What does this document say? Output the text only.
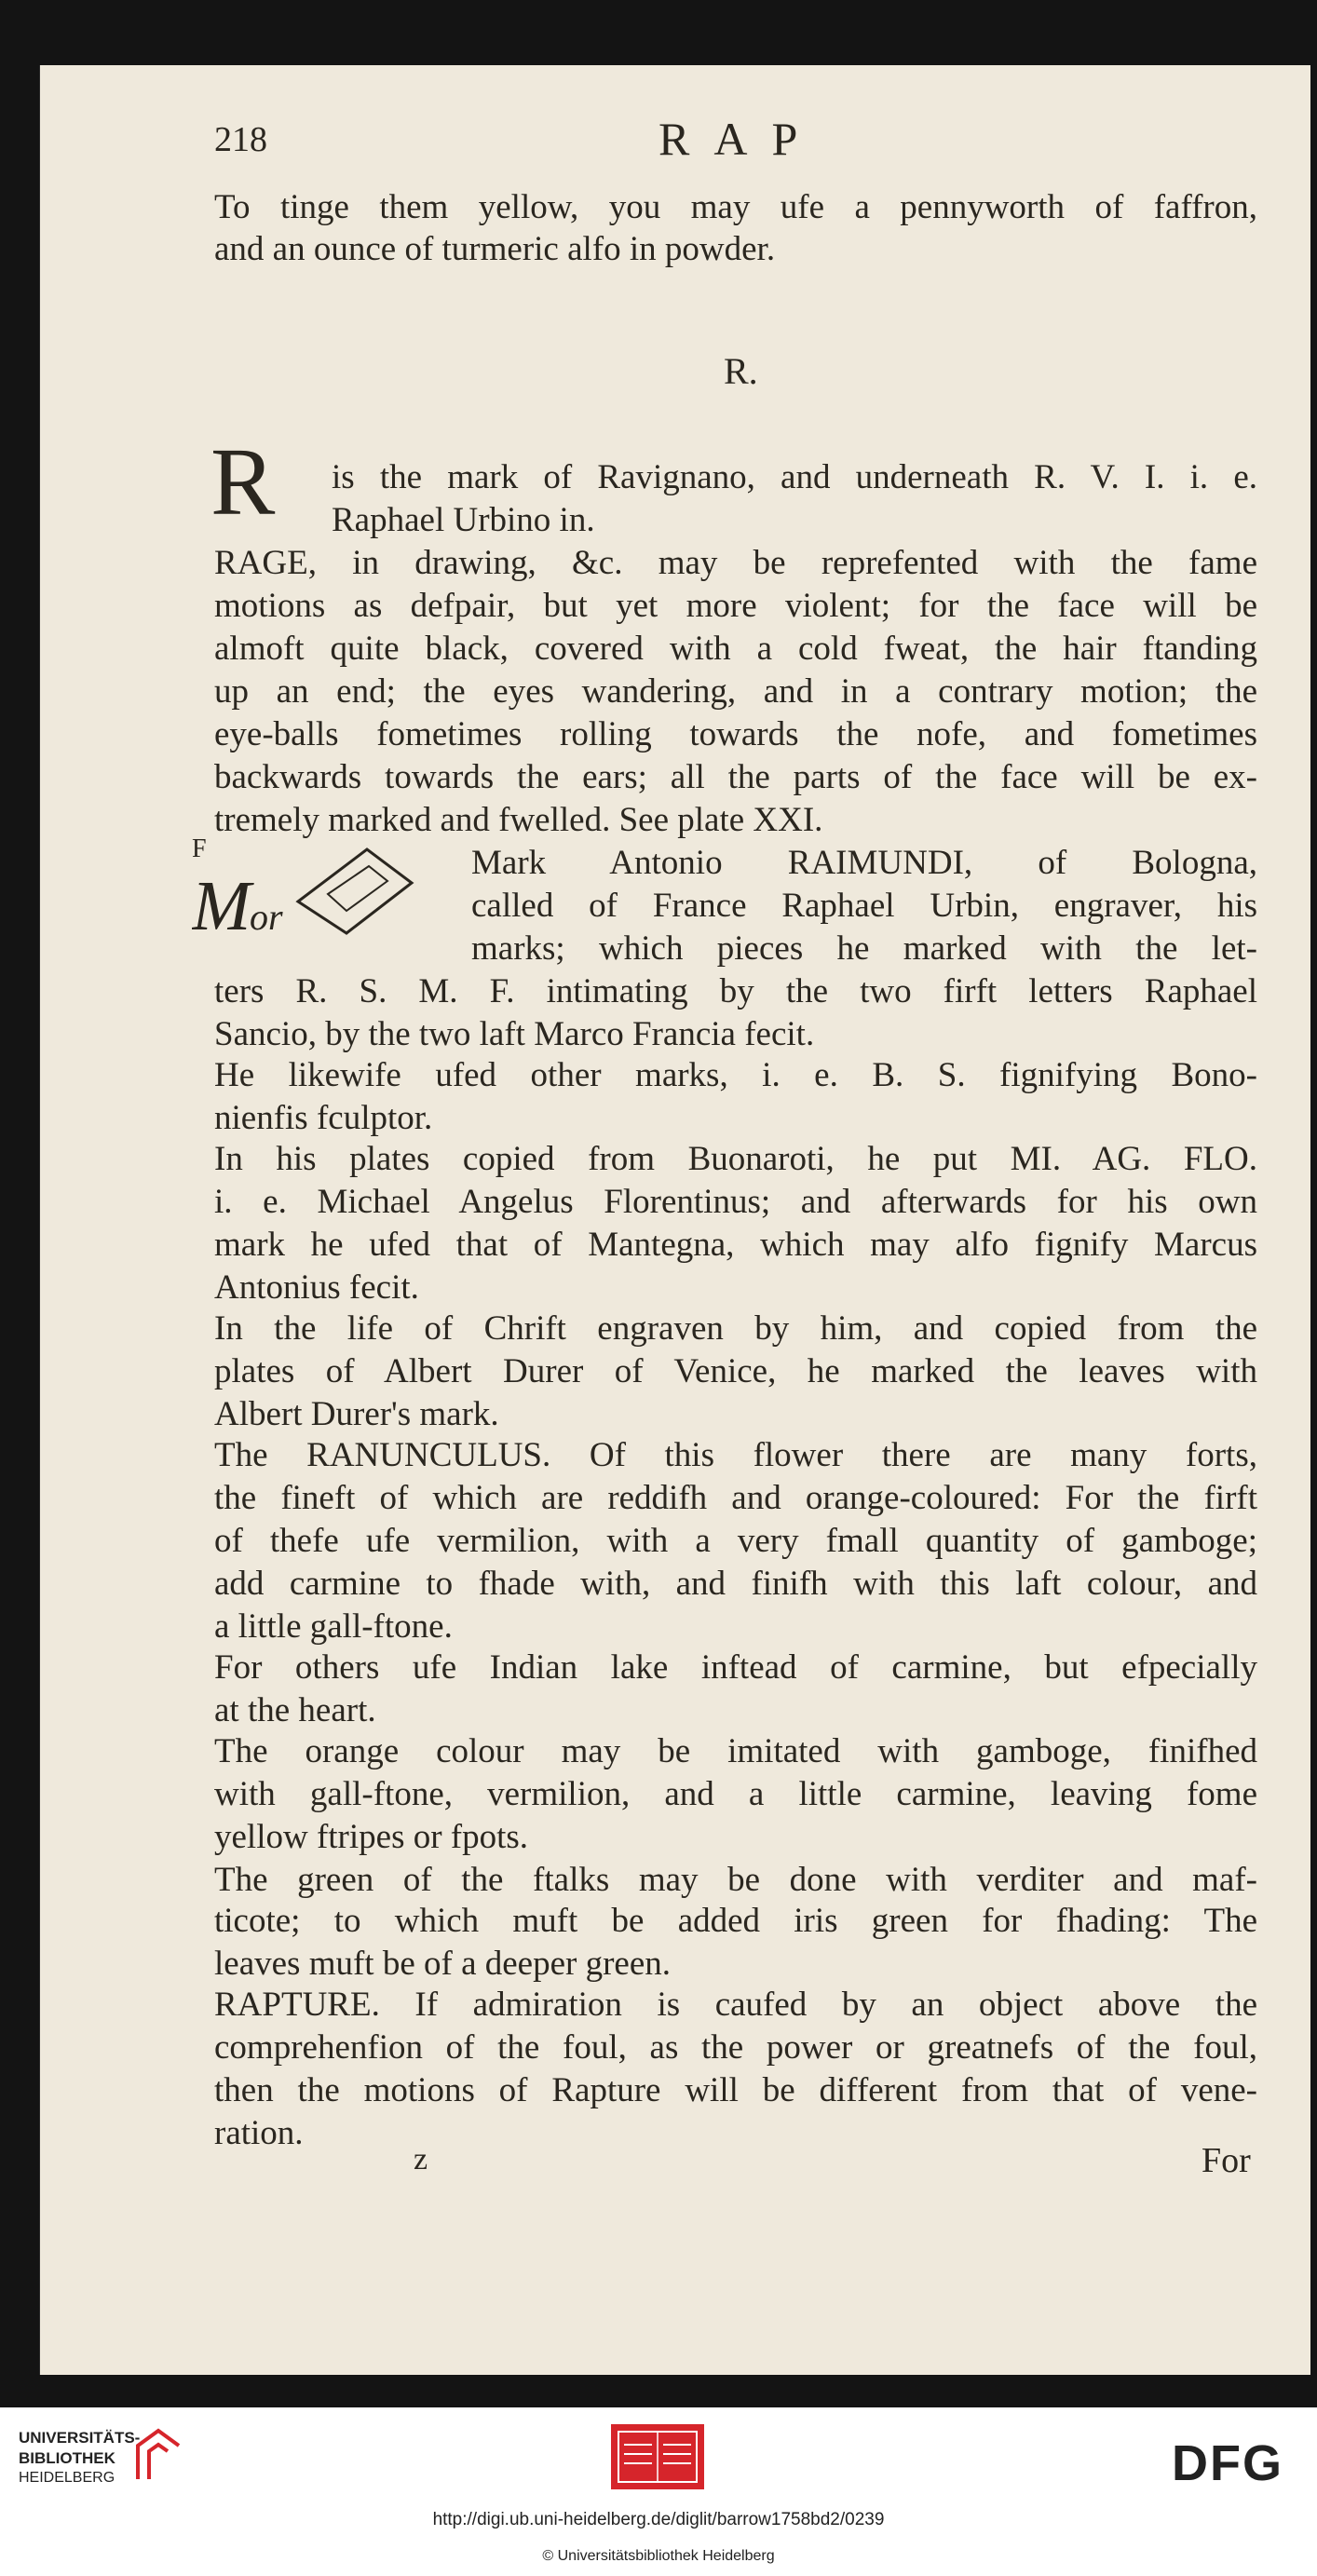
218	RAP
R.
R
F
M
or
To tinge them yellow, you may ufe a pennyworth of faffron,
and an ounce of turmeric alfo in powder.
is the mark of Ravignano, and underneath R. V. I. i. e.
Raphael Urbino in.
RAGE, in drawing, &c. may be reprefented with the fame
motions as defpair, but yet more violent; for the face will be
almoft quite black, covered with a cold fweat, the hair ftanding
up an end; the eyes wandering, and in a contrary motion; the
eye-balls fometimes rolling towards the nofe, and fometimes
backwards towards the ears; all the parts of the face will be ex-
tremely marked and fwelled. See plate XXI.
Mark Antonio RAIMUNDI, of Bologna,
called of France Raphael Urbin, engraver, his
marks; which pieces he marked with the let-
ters R. S. M. F. intimating by the two firft letters Raphael
Sancio, by the two laft Marco Francia fecit.
He likewife ufed other marks, i. e. B. S. fignifying Bono-
nienfis fculptor.
In his plates copied from Buonaroti, he put MI. AG. FLO.
i. e. Michael Angelus Florentinus; and afterwards for his own
mark he ufed that of Mantegna, which may alfo fignify Marcus
Antonius fecit.
In the life of Chrift engraven by him, and copied from the
plates of Albert Durer of Venice, he marked the leaves with
Albert Durer's mark.
The RANUNCULUS. Of this flower there are many forts,
the fineft of which are reddifh and orange-coloured: For the firft
of thefe ufe vermilion, with a very fmall quantity of gamboge;
add carmine to fhade with, and finifh with this laft colour, and
a little gall-ftone.
For others ufe Indian lake inftead of carmine, but efpecially
at the heart.
The orange colour may be imitated with gamboge, finifhed
with gall-ftone, vermilion, and a little carmine, leaving fome
yellow ftripes or fpots.
The green of the ftalks may be done with verditer and maf-
ticote; to which muft be added iris green for fhading: The
leaves muft be of a deeper green.
RAPTURE. If admiration is caufed by an object above the
comprehenfion of the foul, as the power or greatnefs of the foul,
then the motions of Rapture will be different from that of vene-
ration.
z	For
UNIVERSITÄTS-
BIBLIOTHEK
HEIDELBERG	DFG
http://digi.ub.uni-heidelberg.de/diglit/barrow1758bd2/0239
© Universitätsbibliothek Heidelberg
